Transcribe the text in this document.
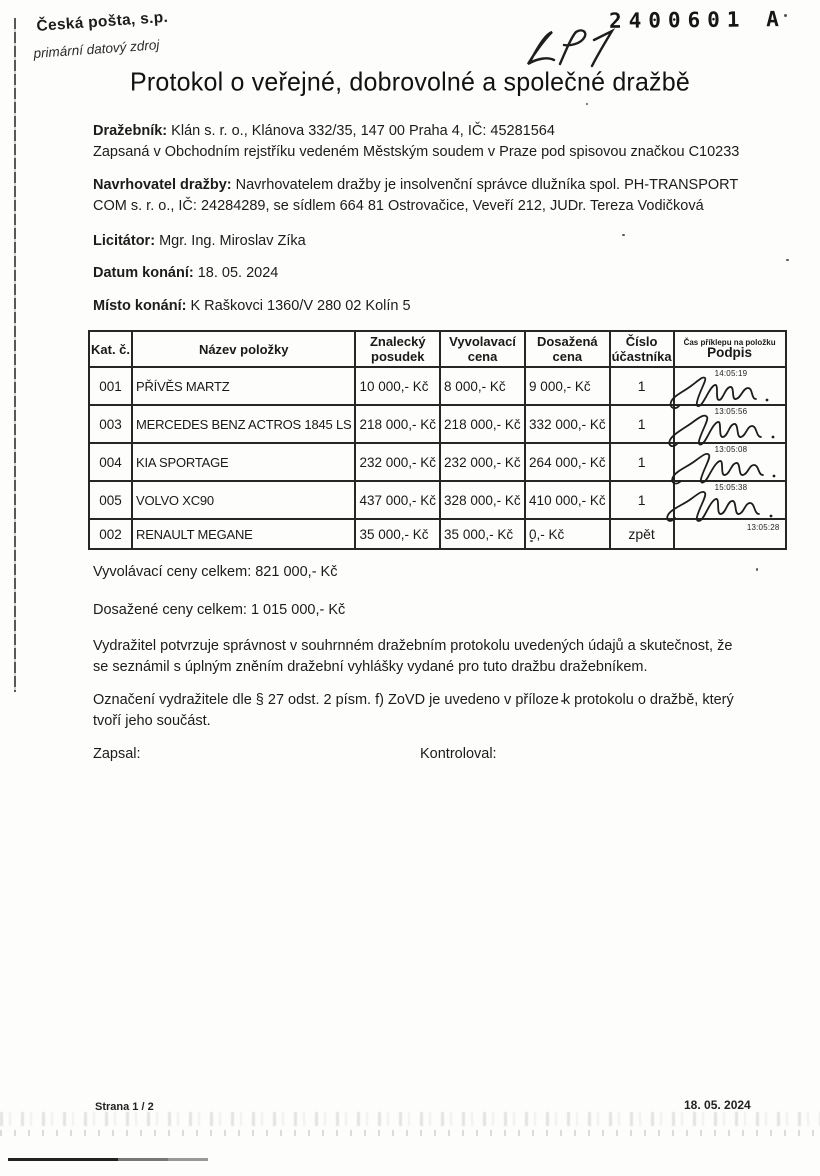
Česká pošta, s.p.
primární datový zdroj
2400601 A
Protokol o veřejné, dobrovolné a společné dražbě
Dražebník: Klán s. r. o., Klánova 332/35, 147 00 Praha 4, IČ: 45281564
Zapsaná v Obchodním rejstříku vedeném Městským soudem v Praze pod spisovou značkou C10233
Navrhovatel dražby: Navrhovatelem dražby je insolvenční správce dlužníka spol. PH-TRANSPORT COM s. r. o., IČ: 24284289, se sídlem 664 81 Ostrovačice, Veveří 212, JUDr. Tereza Vodičková
Licitátor: Mgr. Ing. Miroslav Zíka
Datum konání: 18. 05. 2024
Místo konání: K Raškovci 1360/V 280 02 Kolín 5
Kat. č.	Název položky	Znalecký posudek	Vyvolavací cena	Dosažená cena	Číslo účastníka	Čas příklepu na položku
Podpis

001	PŘÍVĚS MARTZ	10 000,- Kč	8 000,- Kč	9 000,- Kč	1	14:05:19

003	MERCEDES BENZ ACTROS 1845 LS	218 000,- Kč	218 000,- Kč	332 000,- Kč	1	13:05:56

004	KIA SPORTAGE	232 000,- Kč	232 000,- Kč	264 000,- Kč	1	13:05:08

005	VOLVO XC90	437 000,- Kč	328 000,- Kč	410 000,- Kč	1	15:05:38

002	RENAULT MEGANE	35 000,- Kč	35 000,- Kč	0,- Kč	zpět	13:05:28
Vyvolávací ceny celkem: 821 000,- Kč
Dosažené ceny celkem: 1 015 000,- Kč
Vydražitel potvrzuje správnost v souhrnném dražebním protokolu uvedených údajů a skutečnost, že se seznámil s úplným zněním dražební vyhlášky vydané pro tuto dražbu dražebníkem.
Označení vydražitele dle § 27 odst. 2 písm. f) ZoVD je uvedeno v příloze k protokolu o dražbě, který tvoří jeho součást.
Zapsal:	Kontroloval:
Strana 1 / 2	18. 05. 2024
